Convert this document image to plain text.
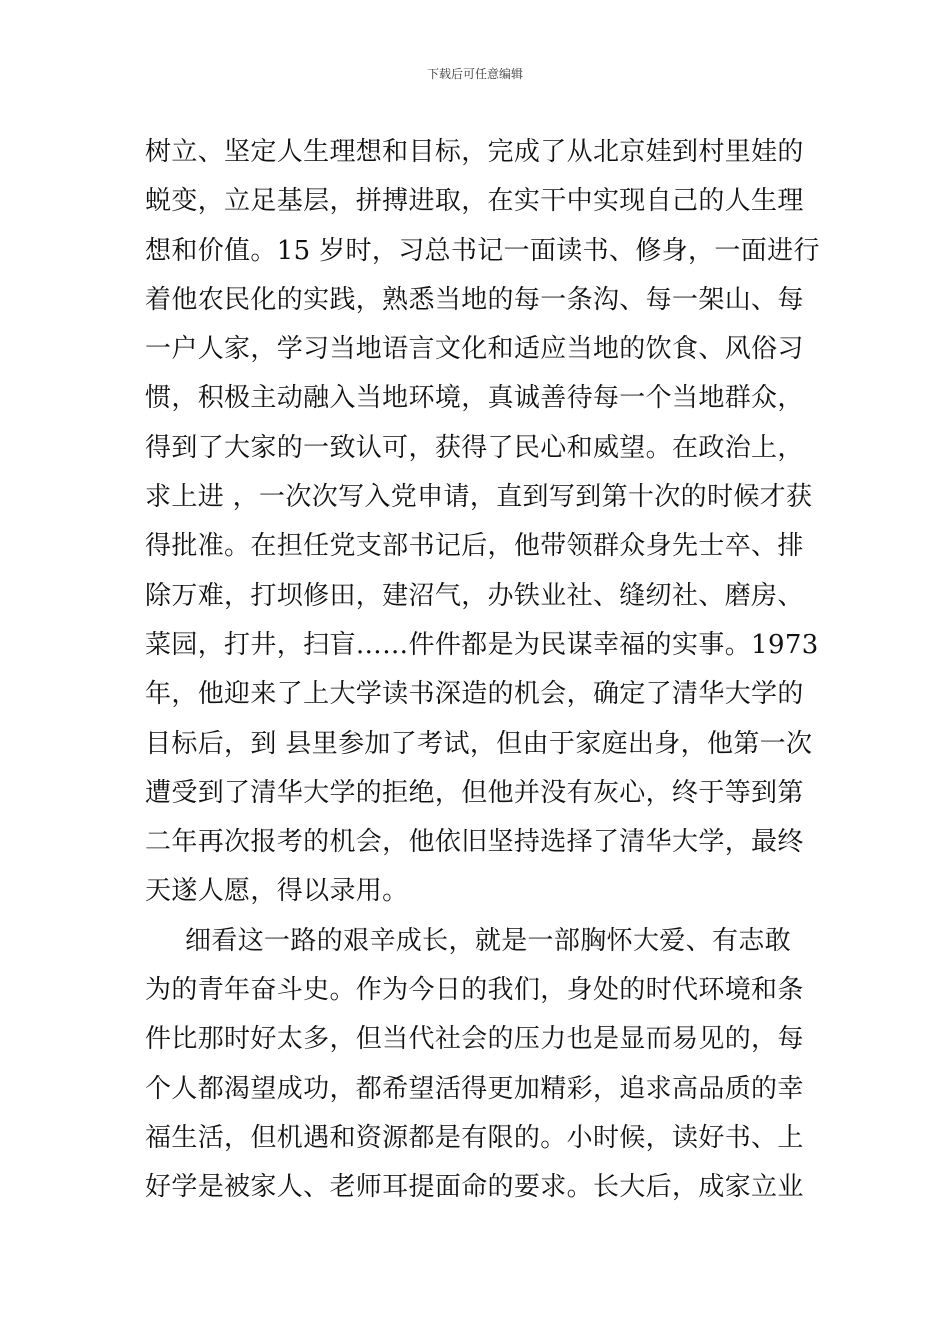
下载后可任意编辑
树立、坚定人生理想和目标，完成了从北京娃到村里娃的
蜕变，立足基层，拼搏进取，在实干中实现自己的人生理
想和价值。15 岁时，习总书记一面读书、修身，一面进行
着他农民化的实践，熟悉当地的每一条沟、每一架山、每
一户人家，学习当地语言文化和适应当地的饮食、风俗习
惯，积极主动融入当地环境，真诚善待每一个当地群众，
得到了大家的一致认可，获得了民心和威望。在政治上，
求上进 ，一次次写入党申请，直到写到第十次的时候才获
得批准。在担任党支部书记后，他带领群众身先士卒、排
除万难，打坝修田，建沼气，办铁业社、缝纫社、磨房、
菜园，打井，扫盲……件件都是为民谋幸福的实事。1973
年，他迎来了上大学读书深造的机会，确定了清华大学的
目标后，到 县里参加了考试，但由于家庭出身，他第一次
遭受到了清华大学的拒绝，但他并没有灰心，终于等到第
二年再次报考的机会，他依旧坚持选择了清华大学，最终
天遂人愿，得以录用。
细看这一路的艰辛成长，就是一部胸怀大爱、有志敢
为的青年奋斗史。作为今日的我们，身处的时代环境和条
件比那时好太多，但当代社会的压力也是显而易见的，每
个人都渴望成功，都希望活得更加精彩，追求高品质的幸
福生活，但机遇和资源都是有限的。小时候，读好书、上
好学是被家人、老师耳提面命的要求。长大后，成家立业
